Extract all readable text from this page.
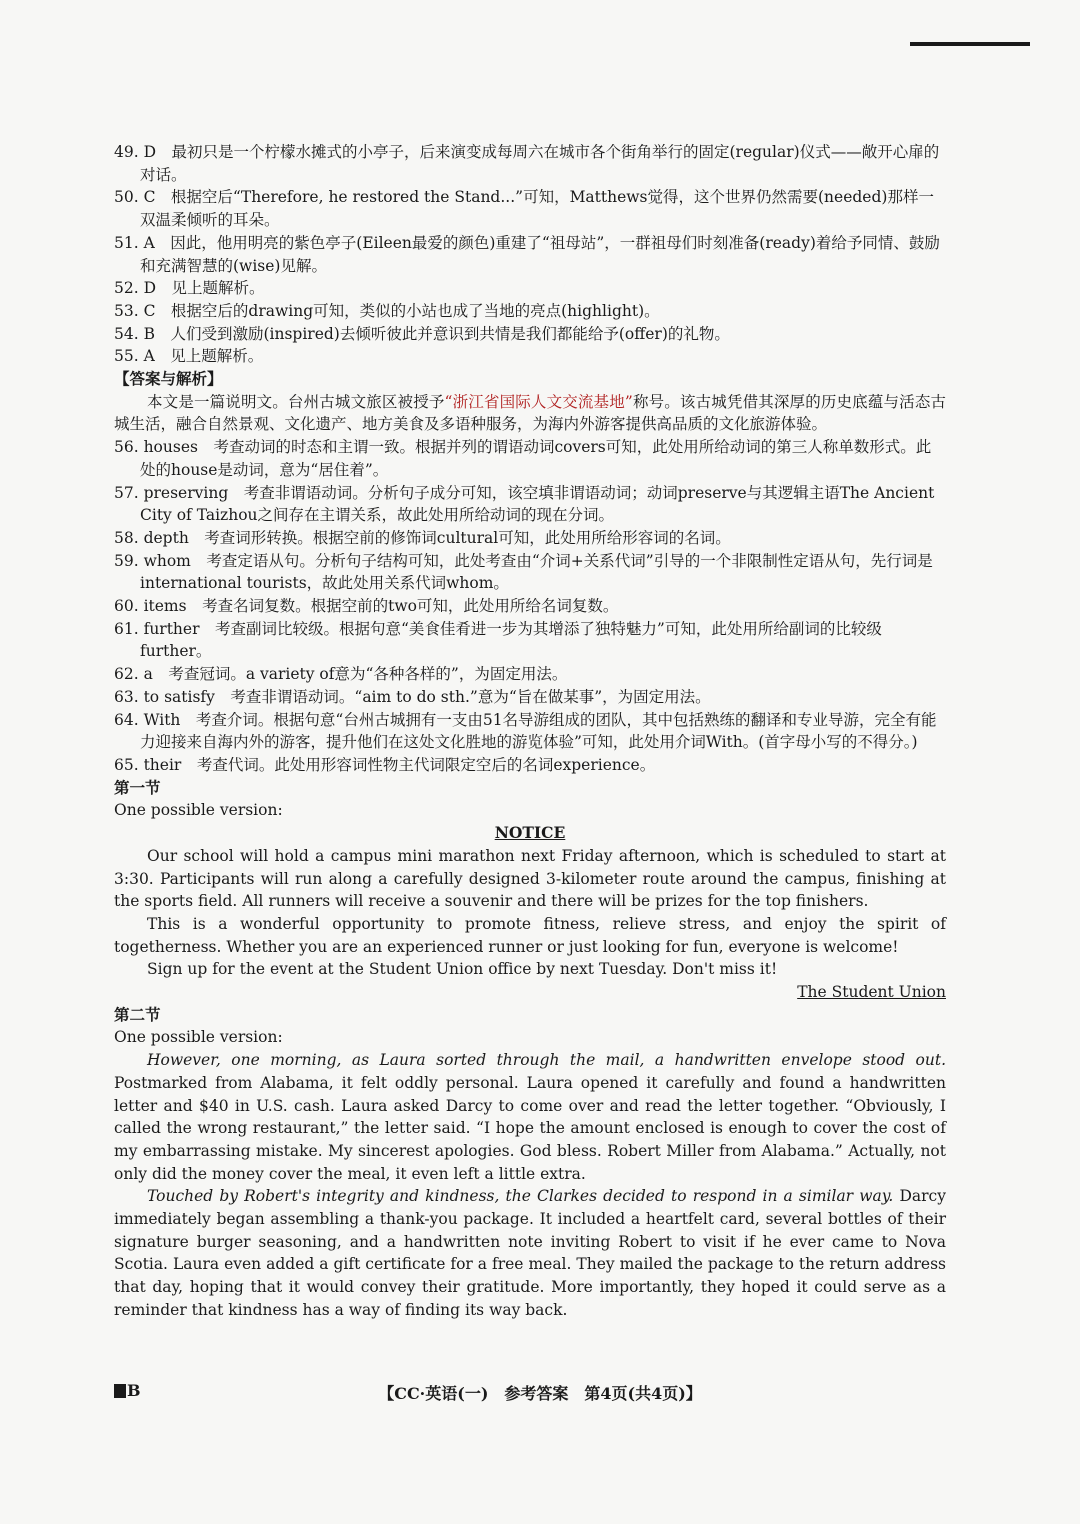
49. D　最初只是一个柠檬水摊式的小亭子，后来演变成每周六在城市各个街角举行的固定(regular)仪式——敞开心扉的对话。

50. C　根据空后“Therefore, he restored the Stand...”可知，Matthews觉得，这个世界仍然需要(needed)那样一双温柔倾听的耳朵。

51. A　因此，他用明亮的紫色亭子(Eileen最爱的颜色)重建了“祖母站”，一群祖母们时刻准备(ready)着给予同情、鼓励和充满智慧的(wise)见解。

52. D　见上题解析。

53. C　根据空后的drawing可知，类似的小站也成了当地的亮点(highlight)。

54. B　人们受到激励(inspired)去倾听彼此并意识到共情是我们都能给予(offer)的礼物。

55. A　见上题解析。

【答案与解析】

本文是一篇说明文。台州古城文旅区被授予“浙江省国际人文交流基地”称号。该古城凭借其深厚的历史底蕴与活态古城生活，融合自然景观、文化遗产、地方美食及多语种服务，为海内外游客提供高品质的文化旅游体验。

56. houses　考查动词的时态和主谓一致。根据并列的谓语动词covers可知，此处用所给动词的第三人称单数形式。此处的house是动词，意为“居住着”。

57. preserving　考查非谓语动词。分析句子成分可知，该空填非谓语动词；动词preserve与其逻辑主语The Ancient City of Taizhou之间存在主谓关系，故此处用所给动词的现在分词。

58. depth　考查词形转换。根据空前的修饰词cultural可知，此处用所给形容词的名词。

59. whom　考查定语从句。分析句子结构可知，此处考查由“介词+关系代词”引导的一个非限制性定语从句，先行词是international tourists，故此处用关系代词whom。

60. items　考查名词复数。根据空前的two可知，此处用所给名词复数。

61. further　考查副词比较级。根据句意“美食佳肴进一步为其增添了独特魅力”可知，此处用所给副词的比较级further。

62. a　考查冠词。a variety of意为“各种各样的”，为固定用法。

63. to satisfy　考查非谓语动词。“aim to do sth.”意为“旨在做某事”，为固定用法。

64. With　考查介词。根据句意“台州古城拥有一支由51名导游组成的团队，其中包括熟练的翻译和专业导游，完全有能力迎接来自海内外的游客，提升他们在这处文化胜地的游览体验”可知，此处用介词With。(首字母小写的不得分。)

65. their　考查代词。此处用形容词性物主代词限定空后的名词experience。

第一节

One possible version:

NOTICE

Our school will hold a campus mini marathon next Friday afternoon, which is scheduled to start at 3:30. Participants will run along a carefully designed 3-kilometer route around the campus, finishing at the sports field. All runners will receive a souvenir and there will be prizes for the top finishers.

This is a wonderful opportunity to promote fitness, relieve stress, and enjoy the spirit of togetherness. Whether you are an experienced runner or just looking for fun, everyone is welcome!

Sign up for the event at the Student Union office by next Tuesday. Don't miss it!

The Student Union

第二节

One possible version:

However, one morning, as Laura sorted through the mail, a handwritten envelope stood out. Postmarked from Alabama, it felt oddly personal. Laura opened it carefully and found a handwritten letter and $40 in U.S. cash. Laura asked Darcy to come over and read the letter together. “Obviously, I called the wrong restaurant,” the letter said. “I hope the amount enclosed is enough to cover the cost of my embarrassing mistake. My sincerest apologies. God bless. Robert Miller from Alabama.” Actually, not only did the money cover the meal, it even left a little extra.

Touched by Robert's integrity and kindness, the Clarkes decided to respond in a similar way. Darcy immediately began assembling a thank-you package. It included a heartfelt card, several bottles of their signature burger seasoning, and a handwritten note inviting Robert to visit if he ever came to Nova Scotia. Laura even added a gift certificate for a free meal. They mailed the package to the return address that day, hoping that it would convey their gratitude. More importantly, they hoped it could serve as a reminder that kindness has a way of finding its way back.

B	【CC·英语(一)　参考答案　第4页(共4页)】
